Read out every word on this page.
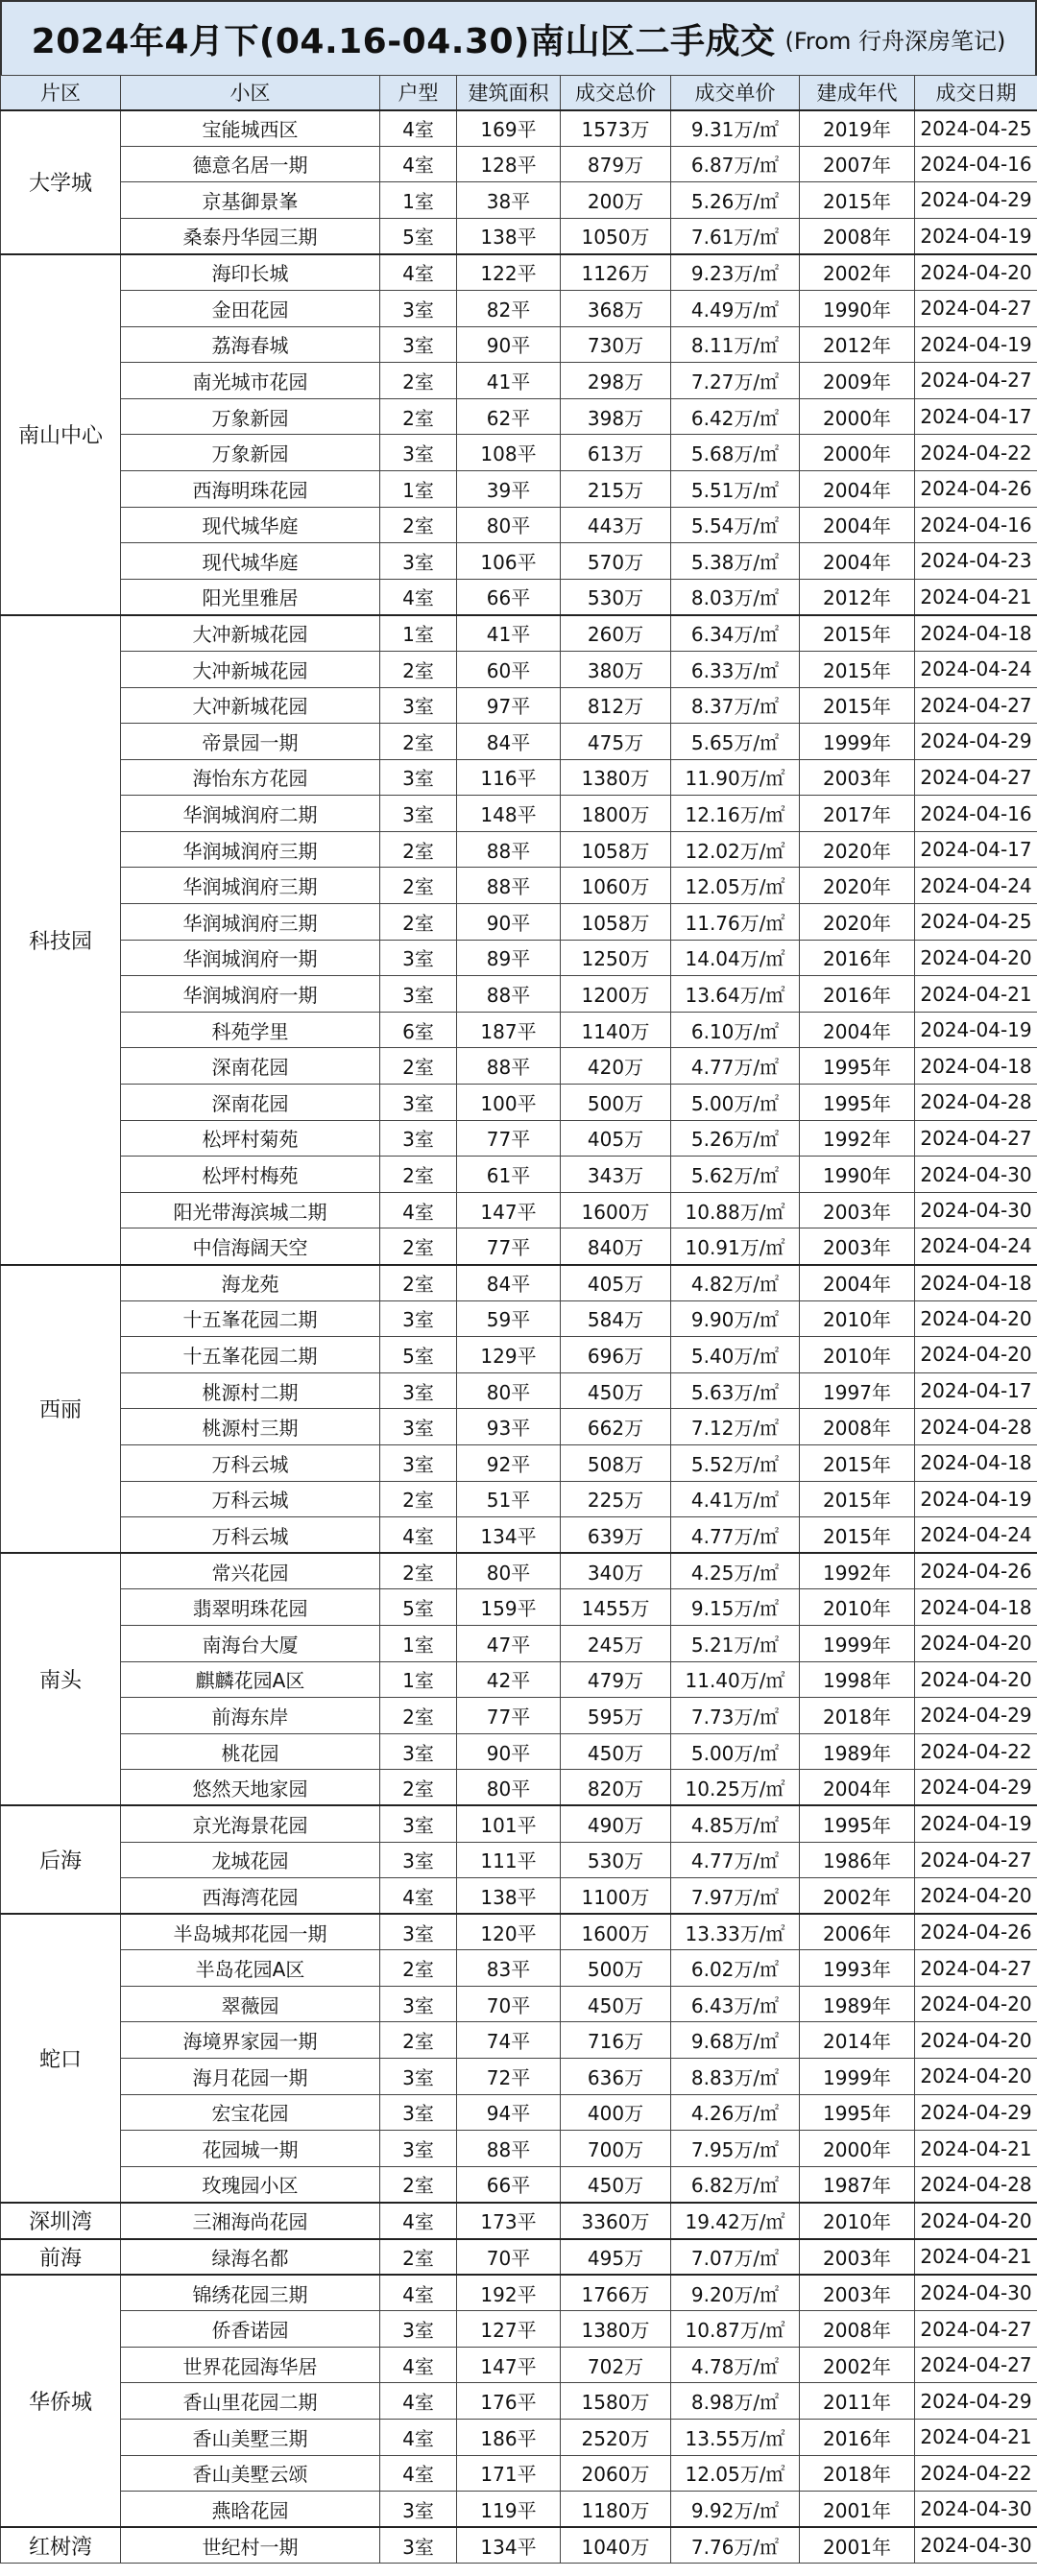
2024年4月下(04.16-04.30)南山区二手成交 (From 行舟深房笔记)
片区	小区	户型	建筑面积	成交总价	成交单价	建成年代	成交日期
大学城	宝能城西区	4室	169平	1573万	9.31万/㎡	2019年	2024-04-25
	德意名居一期	4室	128平	879万	6.87万/㎡	2007年	2024-04-16
	京基御景峯	1室	38平	200万	5.26万/㎡	2015年	2024-04-29
	桑泰丹华园三期	5室	138平	1050万	7.61万/㎡	2008年	2024-04-19
南山中心	海印长城	4室	122平	1126万	9.23万/㎡	2002年	2024-04-20
	金田花园	3室	82平	368万	4.49万/㎡	1990年	2024-04-27
	荔海春城	3室	90平	730万	8.11万/㎡	2012年	2024-04-19
	南光城市花园	2室	41平	298万	7.27万/㎡	2009年	2024-04-27
	万象新园	2室	62平	398万	6.42万/㎡	2000年	2024-04-17
	万象新园	3室	108平	613万	5.68万/㎡	2000年	2024-04-22
	西海明珠花园	1室	39平	215万	5.51万/㎡	2004年	2024-04-26
	现代城华庭	2室	80平	443万	5.54万/㎡	2004年	2024-04-16
	现代城华庭	3室	106平	570万	5.38万/㎡	2004年	2024-04-23
	阳光里雅居	4室	66平	530万	8.03万/㎡	2012年	2024-04-21
科技园	大冲新城花园	1室	41平	260万	6.34万/㎡	2015年	2024-04-18
	大冲新城花园	2室	60平	380万	6.33万/㎡	2015年	2024-04-24
	大冲新城花园	3室	97平	812万	8.37万/㎡	2015年	2024-04-27
	帝景园一期	2室	84平	475万	5.65万/㎡	1999年	2024-04-29
	海怡东方花园	3室	116平	1380万	11.90万/㎡	2003年	2024-04-27
	华润城润府二期	3室	148平	1800万	12.16万/㎡	2017年	2024-04-16
	华润城润府三期	2室	88平	1058万	12.02万/㎡	2020年	2024-04-17
	华润城润府三期	2室	88平	1060万	12.05万/㎡	2020年	2024-04-24
	华润城润府三期	2室	90平	1058万	11.76万/㎡	2020年	2024-04-25
	华润城润府一期	3室	89平	1250万	14.04万/㎡	2016年	2024-04-20
	华润城润府一期	3室	88平	1200万	13.64万/㎡	2016年	2024-04-21
	科苑学里	6室	187平	1140万	6.10万/㎡	2004年	2024-04-19
	深南花园	2室	88平	420万	4.77万/㎡	1995年	2024-04-18
	深南花园	3室	100平	500万	5.00万/㎡	1995年	2024-04-28
	松坪村菊苑	3室	77平	405万	5.26万/㎡	1992年	2024-04-27
	松坪村梅苑	2室	61平	343万	5.62万/㎡	1990年	2024-04-30
	阳光带海滨城二期	4室	147平	1600万	10.88万/㎡	2003年	2024-04-30
	中信海阔天空	2室	77平	840万	10.91万/㎡	2003年	2024-04-24
西丽	海龙苑	2室	84平	405万	4.82万/㎡	2004年	2024-04-18
	十五峯花园二期	3室	59平	584万	9.90万/㎡	2010年	2024-04-20
	十五峯花园二期	5室	129平	696万	5.40万/㎡	2010年	2024-04-20
	桃源村二期	3室	80平	450万	5.63万/㎡	1997年	2024-04-17
	桃源村三期	3室	93平	662万	7.12万/㎡	2008年	2024-04-28
	万科云城	3室	92平	508万	5.52万/㎡	2015年	2024-04-18
	万科云城	2室	51平	225万	4.41万/㎡	2015年	2024-04-19
	万科云城	4室	134平	639万	4.77万/㎡	2015年	2024-04-24
南头	常兴花园	2室	80平	340万	4.25万/㎡	1992年	2024-04-26
	翡翠明珠花园	5室	159平	1455万	9.15万/㎡	2010年	2024-04-18
	南海台大厦	1室	47平	245万	5.21万/㎡	1999年	2024-04-20
	麒麟花园A区	1室	42平	479万	11.40万/㎡	1998年	2024-04-20
	前海东岸	2室	77平	595万	7.73万/㎡	2018年	2024-04-29
	桃花园	3室	90平	450万	5.00万/㎡	1989年	2024-04-22
	悠然天地家园	2室	80平	820万	10.25万/㎡	2004年	2024-04-29
后海	京光海景花园	3室	101平	490万	4.85万/㎡	1995年	2024-04-19
	龙城花园	3室	111平	530万	4.77万/㎡	1986年	2024-04-27
	西海湾花园	4室	138平	1100万	7.97万/㎡	2002年	2024-04-20
蛇口	半岛城邦花园一期	3室	120平	1600万	13.33万/㎡	2006年	2024-04-26
	半岛花园A区	2室	83平	500万	6.02万/㎡	1993年	2024-04-27
	翠薇园	3室	70平	450万	6.43万/㎡	1989年	2024-04-20
	海境界家园一期	2室	74平	716万	9.68万/㎡	2014年	2024-04-20
	海月花园一期	3室	72平	636万	8.83万/㎡	1999年	2024-04-20
	宏宝花园	3室	94平	400万	4.26万/㎡	1995年	2024-04-29
	花园城一期	3室	88平	700万	7.95万/㎡	2000年	2024-04-21
	玫瑰园小区	2室	66平	450万	6.82万/㎡	1987年	2024-04-28
深圳湾	三湘海尚花园	4室	173平	3360万	19.42万/㎡	2010年	2024-04-20
前海	绿海名都	2室	70平	495万	7.07万/㎡	2003年	2024-04-21
华侨城	锦绣花园三期	4室	192平	1766万	9.20万/㎡	2003年	2024-04-30
	侨香诺园	3室	127平	1380万	10.87万/㎡	2008年	2024-04-27
	世界花园海华居	4室	147平	702万	4.78万/㎡	2002年	2024-04-27
	香山里花园二期	4室	176平	1580万	8.98万/㎡	2011年	2024-04-29
	香山美墅三期	4室	186平	2520万	13.55万/㎡	2016年	2024-04-21
	香山美墅云颂	4室	171平	2060万	12.05万/㎡	2018年	2024-04-22
	燕晗花园	3室	119平	1180万	9.92万/㎡	2001年	2024-04-30
红树湾	世纪村一期	3室	134平	1040万	7.76万/㎡	2001年	2024-04-30
